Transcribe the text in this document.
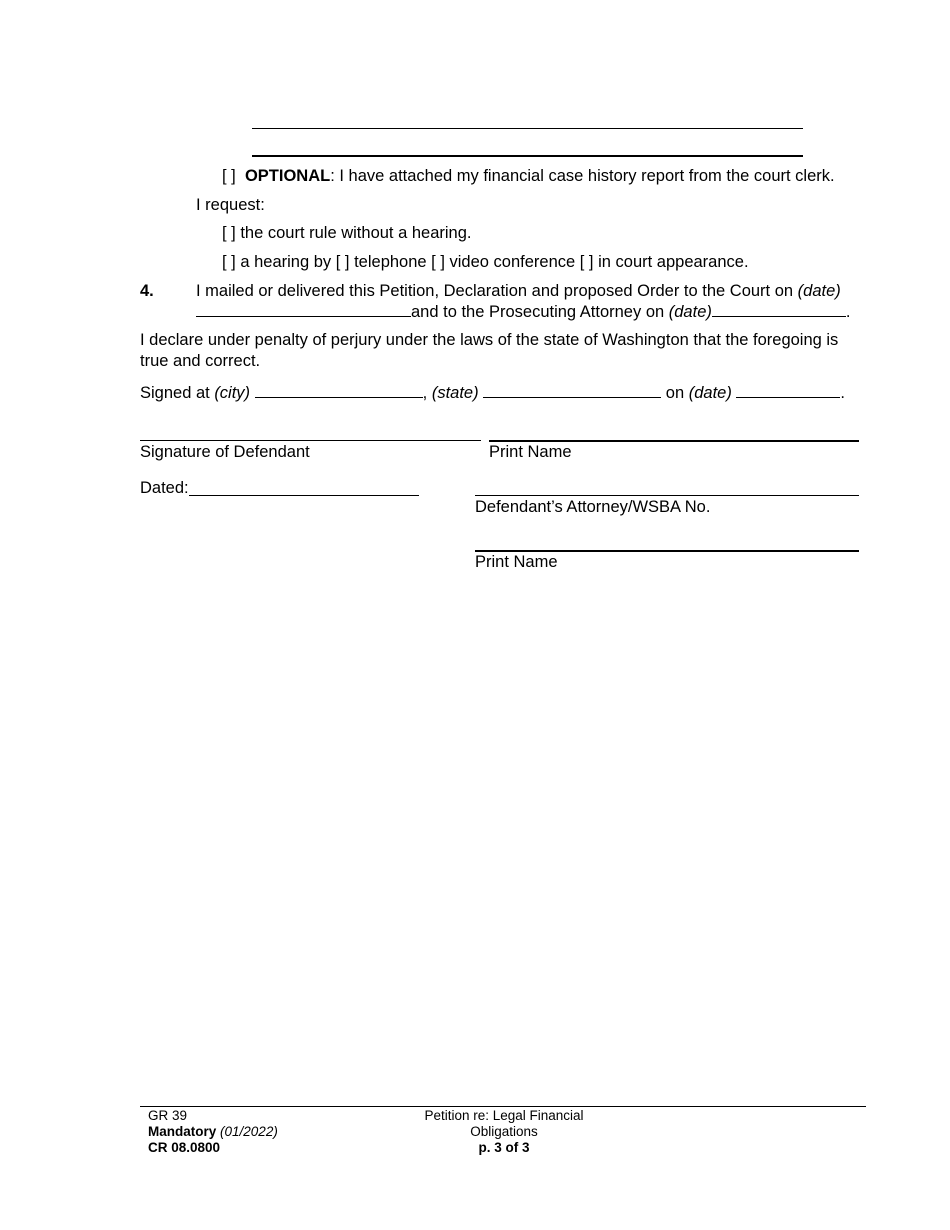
[ ] OPTIONAL: I have attached my financial case history report from the court clerk.
I request:
[ ] the court rule without a hearing.
[ ] a hearing by [ ] telephone [ ] video conference [ ] in court appearance.
4.	I mailed or delivered this Petition, Declaration and proposed Order to the Court on (date)
and to the Prosecuting Attorney on (date)	.
I declare under penalty of perjury under the laws of the state of Washington that the foregoing is
true and correct.
Signed at (city)	, (state)	on (date)	.
Signature of Defendant	Print Name
Dated:
Defendant’s Attorney/WSBA No.
Print Name
GR 39
Mandatory (01/2022)
CR 08.0800
Petition re: Legal Financial
Obligations
p. 3 of 3
